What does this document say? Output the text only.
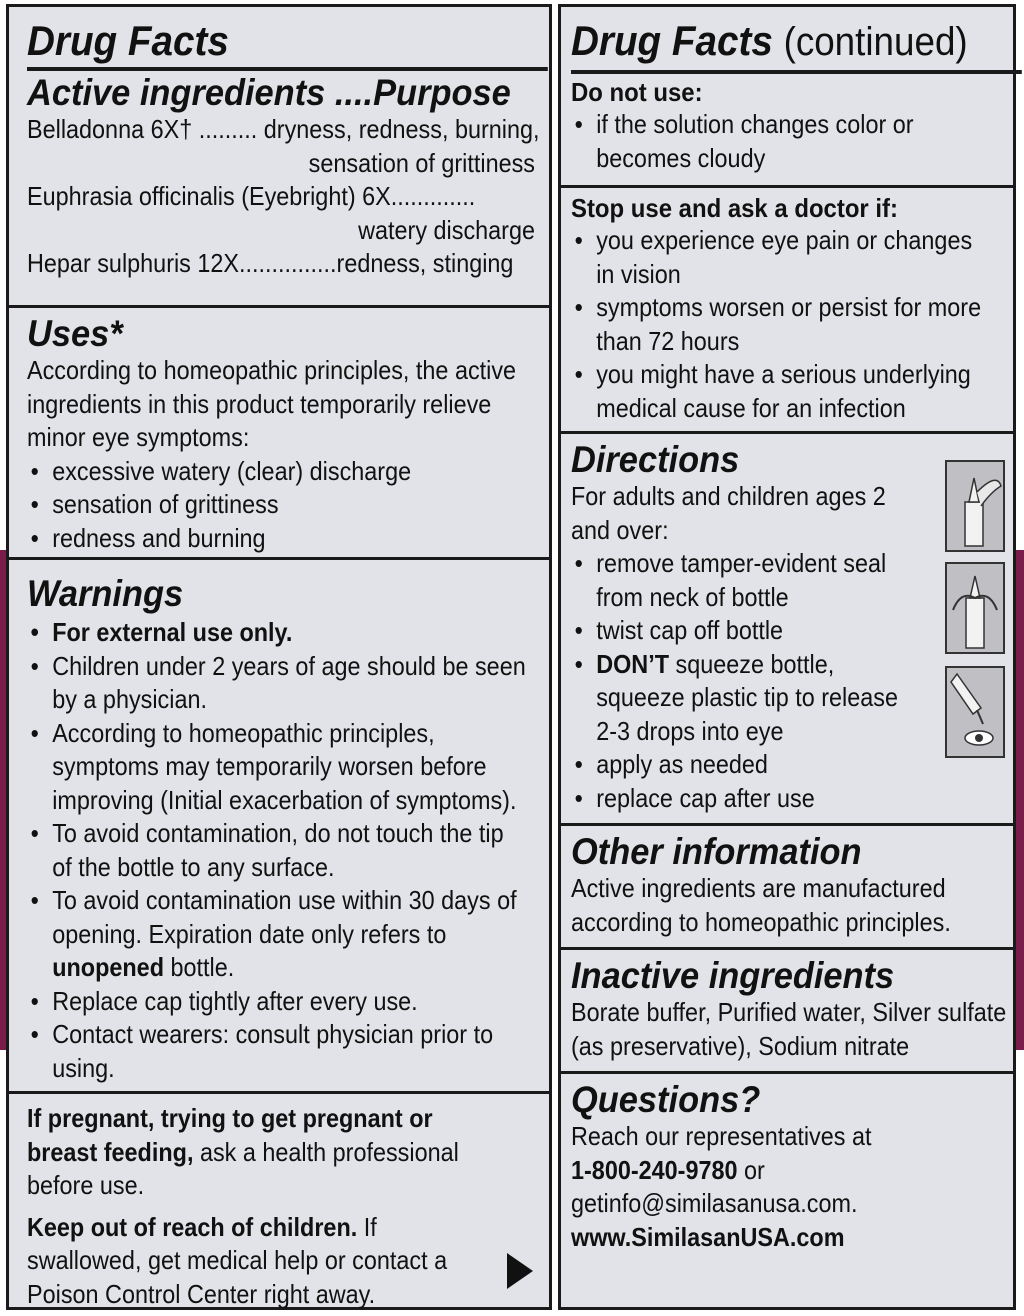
Drug Facts
Active ingredients ....Purpose
Belladonna 6X† ......... dryness, redness, burning,
sensation of grittiness
Euphrasia officinalis (Eyebright) 6X.............
watery discharge
Hepar sulphuris 12X...............redness, stinging
Uses*
According to homeopathic principles, the active
ingredients in this product temporarily relieve
minor eye symptoms:
• excessive watery (clear) discharge
• sensation of grittiness
• redness and burning
Warnings
• For external use only.
• Children under 2 years of age should be seen
by a physician.
• According to homeopathic principles,
symptoms may temporarily worsen before
improving (Initial exacerbation of symptoms).
• To avoid contamination, do not touch the tip
of the bottle to any surface.
• To avoid contamination use within 30 days of
opening. Expiration date only refers to
unopened bottle.
• Replace cap tightly after every use.
• Contact wearers: consult physician prior to
using.
If pregnant, trying to get pregnant or
breast feeding, ask a health professional
before use.
Keep out of reach of children. If
swallowed, get medical help or contact a
Poison Control Center right away.
Drug Facts (continued)
Do not use:
• if the solution changes color or
becomes cloudy
Stop use and ask a doctor if:
• you experience eye pain or changes
in vision
• symptoms worsen or persist for more
than 72 hours
• you might have a serious underlying
medical cause for an infection
Directions
For adults and children ages 2
and over:
• remove tamper-evident seal
from neck of bottle
• twist cap off bottle
• DON’T squeeze bottle,
squeeze plastic tip to release
2-3 drops into eye
• apply as needed
• replace cap after use
Other information
Active ingredients are manufactured
according to homeopathic principles.
Inactive ingredients
Borate buffer, Purified water, Silver sulfate
(as preservative), Sodium nitrate
Questions?
Reach our representatives at
1-800-240-9780 or
getinfo@similasanusa.com.
www.SimilasanUSA.com
